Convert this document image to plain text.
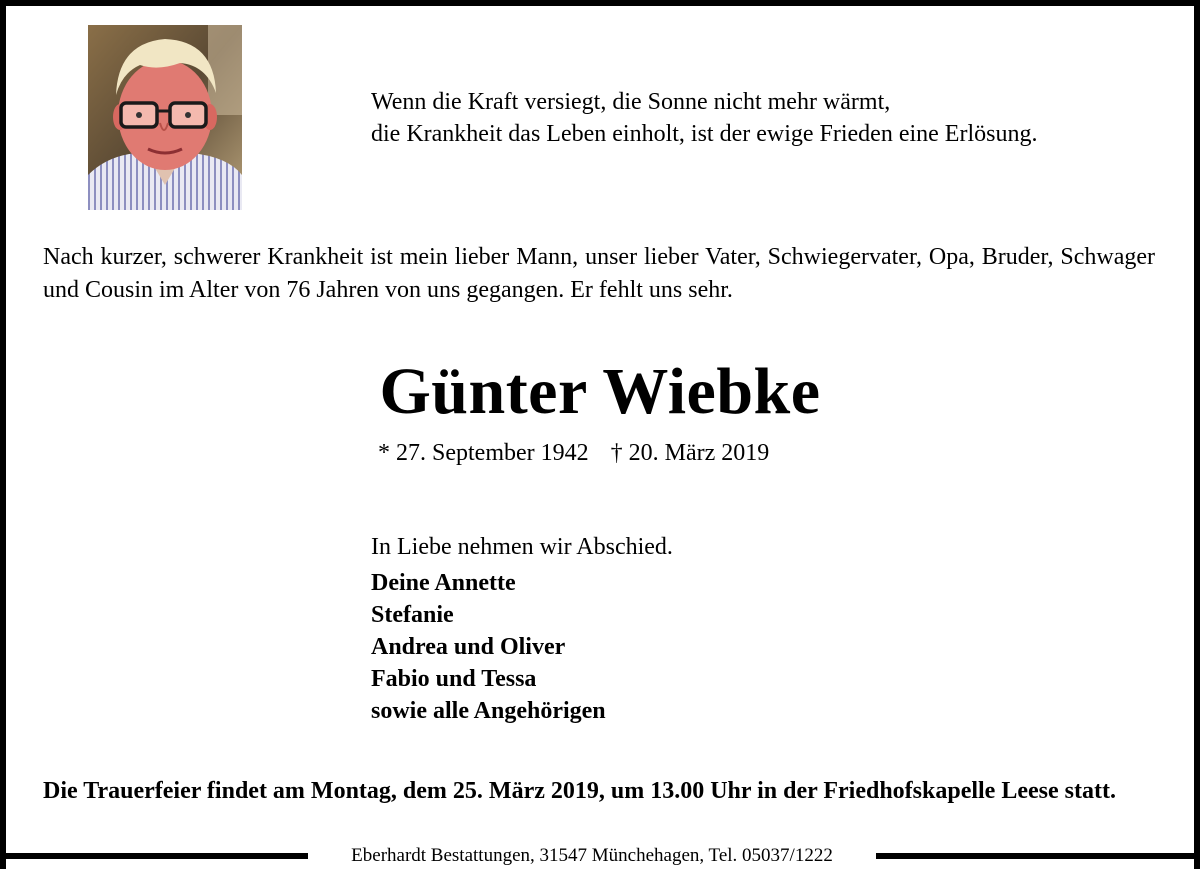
Wenn die Kraft versiegt, die Sonne nicht mehr wärmt,
die Krankheit das Leben einholt, ist der ewige Frieden eine Erlösung.
Nach kurzer, schwerer Krankheit ist mein lieber Mann, unser lieber Vater, Schwiegervater, Opa, Bruder, Schwager und Cousin im Alter von 76 Jahren von uns gegangen. Er fehlt uns sehr.
Günter Wiebke
* 27. September 1942 † 20. März 2019
In Liebe nehmen wir Abschied.
Deine Annette
Stefanie
Andrea und Oliver
Fabio und Tessa
sowie alle Angehörigen
Die Trauerfeier findet am Montag, dem 25. März 2019, um 13.00 Uhr in der Friedhofskapelle Leese statt.
Eberhardt Bestattungen, 31547 Münchehagen, Tel. 05037/1222
